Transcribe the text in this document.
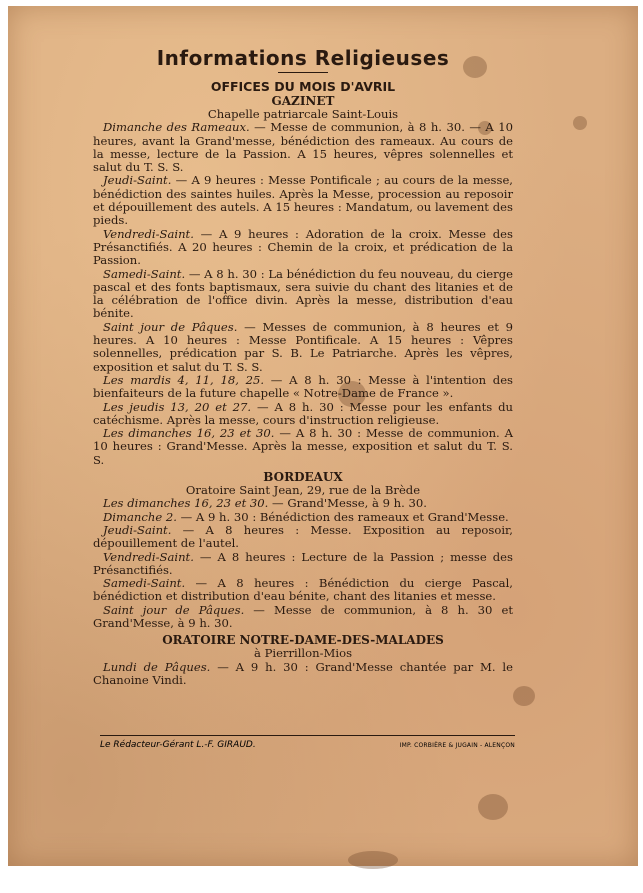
Informations Religieuses
OFFICES DU MOIS D'AVRIL
GAZINET
Chapelle patriarcale Saint-Louis

Dimanche des Rameaux. — Messe de communion, à 8 h. 30. — A 10 heures, avant la Grand'messe, bénédiction des rameaux. Au cours de la messe, lecture de la Passion. A 15 heures, vêpres solennelles et salut du T. S. S.

Jeudi-Saint. — A 9 heures : Messe Pontificale ; au cours de la messe, bénédiction des saintes huiles. Après la Messe, procession au reposoir et dépouillement des autels. A 15 heures : Mandatum, ou lavement des pieds.

Vendredi-Saint. — A 9 heures : Adoration de la croix. Messe des Présanctifiés. A 20 heures : Chemin de la croix, et prédication de la Passion.

Samedi-Saint. — A 8 h. 30 : La bénédiction du feu nouveau, du cierge pascal et des fonts baptismaux, sera suivie du chant des litanies et de la célébration de l'office divin. Après la messe, distribution d'eau bénite.

Saint jour de Pâques. — Messes de communion, à 8 heures et 9 heures. A 10 heures : Messe Pontificale. A 15 heures : Vêpres solennelles, prédication par S. B. Le Patriarche. Après les vêpres, exposition et salut du T. S. S.

Les mardis 4, 11, 18, 25. — A 8 h. 30 : Messe à l'intention des bienfaiteurs de la future chapelle « Notre-Dame de France ».

Les jeudis 13, 20 et 27. — A 8 h. 30 : Messe pour les enfants du catéchisme. Après la messe, cours d'instruction religieuse.

Les dimanches 16, 23 et 30. — A 8 h. 30 : Messe de communion. A 10 heures : Grand'Messe. Après la messe, exposition et salut du T. S. S.

BORDEAUX
Oratoire Saint Jean, 29, rue de la Brède

Les dimanches 16, 23 et 30. — Grand'Messe, à 9 h. 30.

Dimanche 2. — A 9 h. 30 : Bénédiction des rameaux et Grand'Messe.

Jeudi-Saint. — A 8 heures : Messe. Exposition au reposoir, dépouillement de l'autel.

Vendredi-Saint. — A 8 heures : Lecture de la Passion ; messe des Présanctifiés.

Samedi-Saint. — A 8 heures : Bénédiction du cierge Pascal, bénédiction et distribution d'eau bénite, chant des litanies et messe.

Saint jour de Pâques. — Messe de communion, à 8 h. 30 et Grand'Messe, à 9 h. 30.

ORATOIRE NOTRE-DAME-DES-MALADES
à Pierrillon-Mios

Lundi de Pâques. — A 9 h. 30 : Grand'Messe chantée par M. le Chanoine Vindi.

Le Rédacteur-Gérant L.-F. GIRAUD.	IMP. CORBIÈRE & JUGAIN - ALENÇON
